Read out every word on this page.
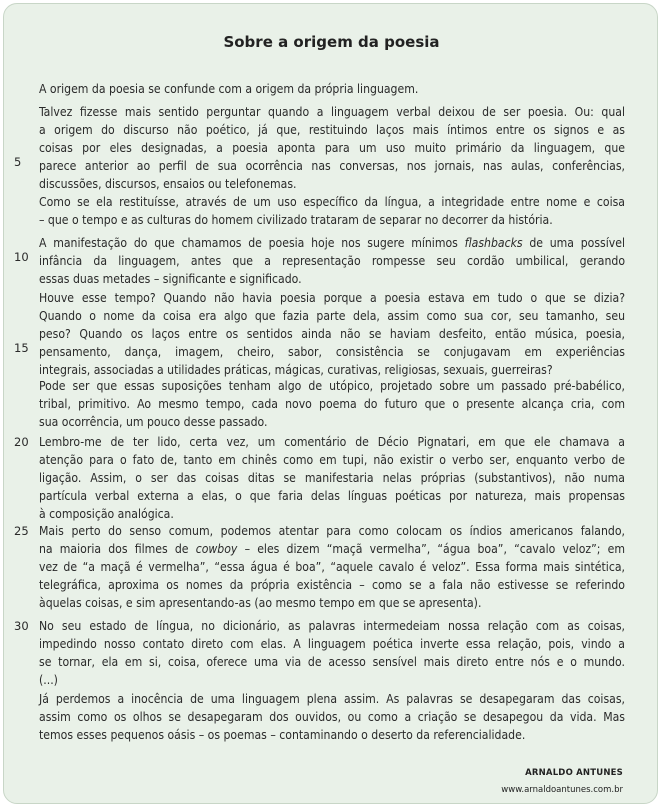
Sobre a origem da poesia
A origem da poesia se confunde com a origem da própria linguagem.
Talvez fizesse mais sentido perguntar quando a linguagem verbal deixou de ser poesia. Ou: qual
a origem do discurso não poético, já que, restituindo laços mais íntimos entre os signos e as
coisas por eles designadas, a poesia aponta para um uso muito primário da linguagem, que
parece anterior ao perfil de sua ocorrência nas conversas, nos jornais, nas aulas, conferências,
discussões, discursos, ensaios ou telefonemas.
Como se ela restituísse, através de um uso específico da língua, a integridade entre nome e coisa
– que o tempo e as culturas do homem civilizado trataram de separar no decorrer da história.
A manifestação do que chamamos de poesia hoje nos sugere mínimos flashbacks de uma possível
infância da linguagem, antes que a representação rompesse seu cordão umbilical, gerando
essas duas metades – significante e significado.
Houve esse tempo? Quando não havia poesia porque a poesia estava em tudo o que se dizia?
Quando o nome da coisa era algo que fazia parte dela, assim como sua cor, seu tamanho, seu
peso? Quando os laços entre os sentidos ainda não se haviam desfeito, então música, poesia,
pensamento, dança, imagem, cheiro, sabor, consistência se conjugavam em experiências
integrais, associadas a utilidades práticas, mágicas, curativas, religiosas, sexuais, guerreiras?
Pode ser que essas suposições tenham algo de utópico, projetado sobre um passado pré-babélico,
tribal, primitivo. Ao mesmo tempo, cada novo poema do futuro que o presente alcança cria, com
sua ocorrência, um pouco desse passado.
Lembro-me de ter lido, certa vez, um comentário de Décio Pignatari, em que ele chamava a
atenção para o fato de, tanto em chinês como em tupi, não existir o verbo ser, enquanto verbo de
ligação. Assim, o ser das coisas ditas se manifestaria nelas próprias (substantivos), não numa
partícula verbal externa a elas, o que faria delas línguas poéticas por natureza, mais propensas
à composição analógica.
Mais perto do senso comum, podemos atentar para como colocam os índios americanos falando,
na maioria dos filmes de cowboy – eles dizem “maçã vermelha”, “água boa”, “cavalo veloz”; em
vez de “a maçã é vermelha”, “essa água é boa”, “aquele cavalo é veloz”. Essa forma mais sintética,
telegráfica, aproxima os nomes da própria existência – como se a fala não estivesse se referindo
àquelas coisas, e sim apresentando-as (ao mesmo tempo em que se apresenta).
No seu estado de língua, no dicionário, as palavras intermedeiam nossa relação com as coisas,
impedindo nosso contato direto com elas. A linguagem poética inverte essa relação, pois, vindo a
se tornar, ela em si, coisa, oferece uma via de acesso sensível mais direto entre nós e o mundo.
(...)
Já perdemos a inocência de uma linguagem plena assim. As palavras se desapegaram das coisas,
assim como os olhos se desapegaram dos ouvidos, ou como a criação se desapegou da vida. Mas
temos esses pequenos oásis – os poemas – contaminando o deserto da referencialidade.
5
10
15
20
25
30
ARNALDO ANTUNES
www.arnaldoantunes.com.br
